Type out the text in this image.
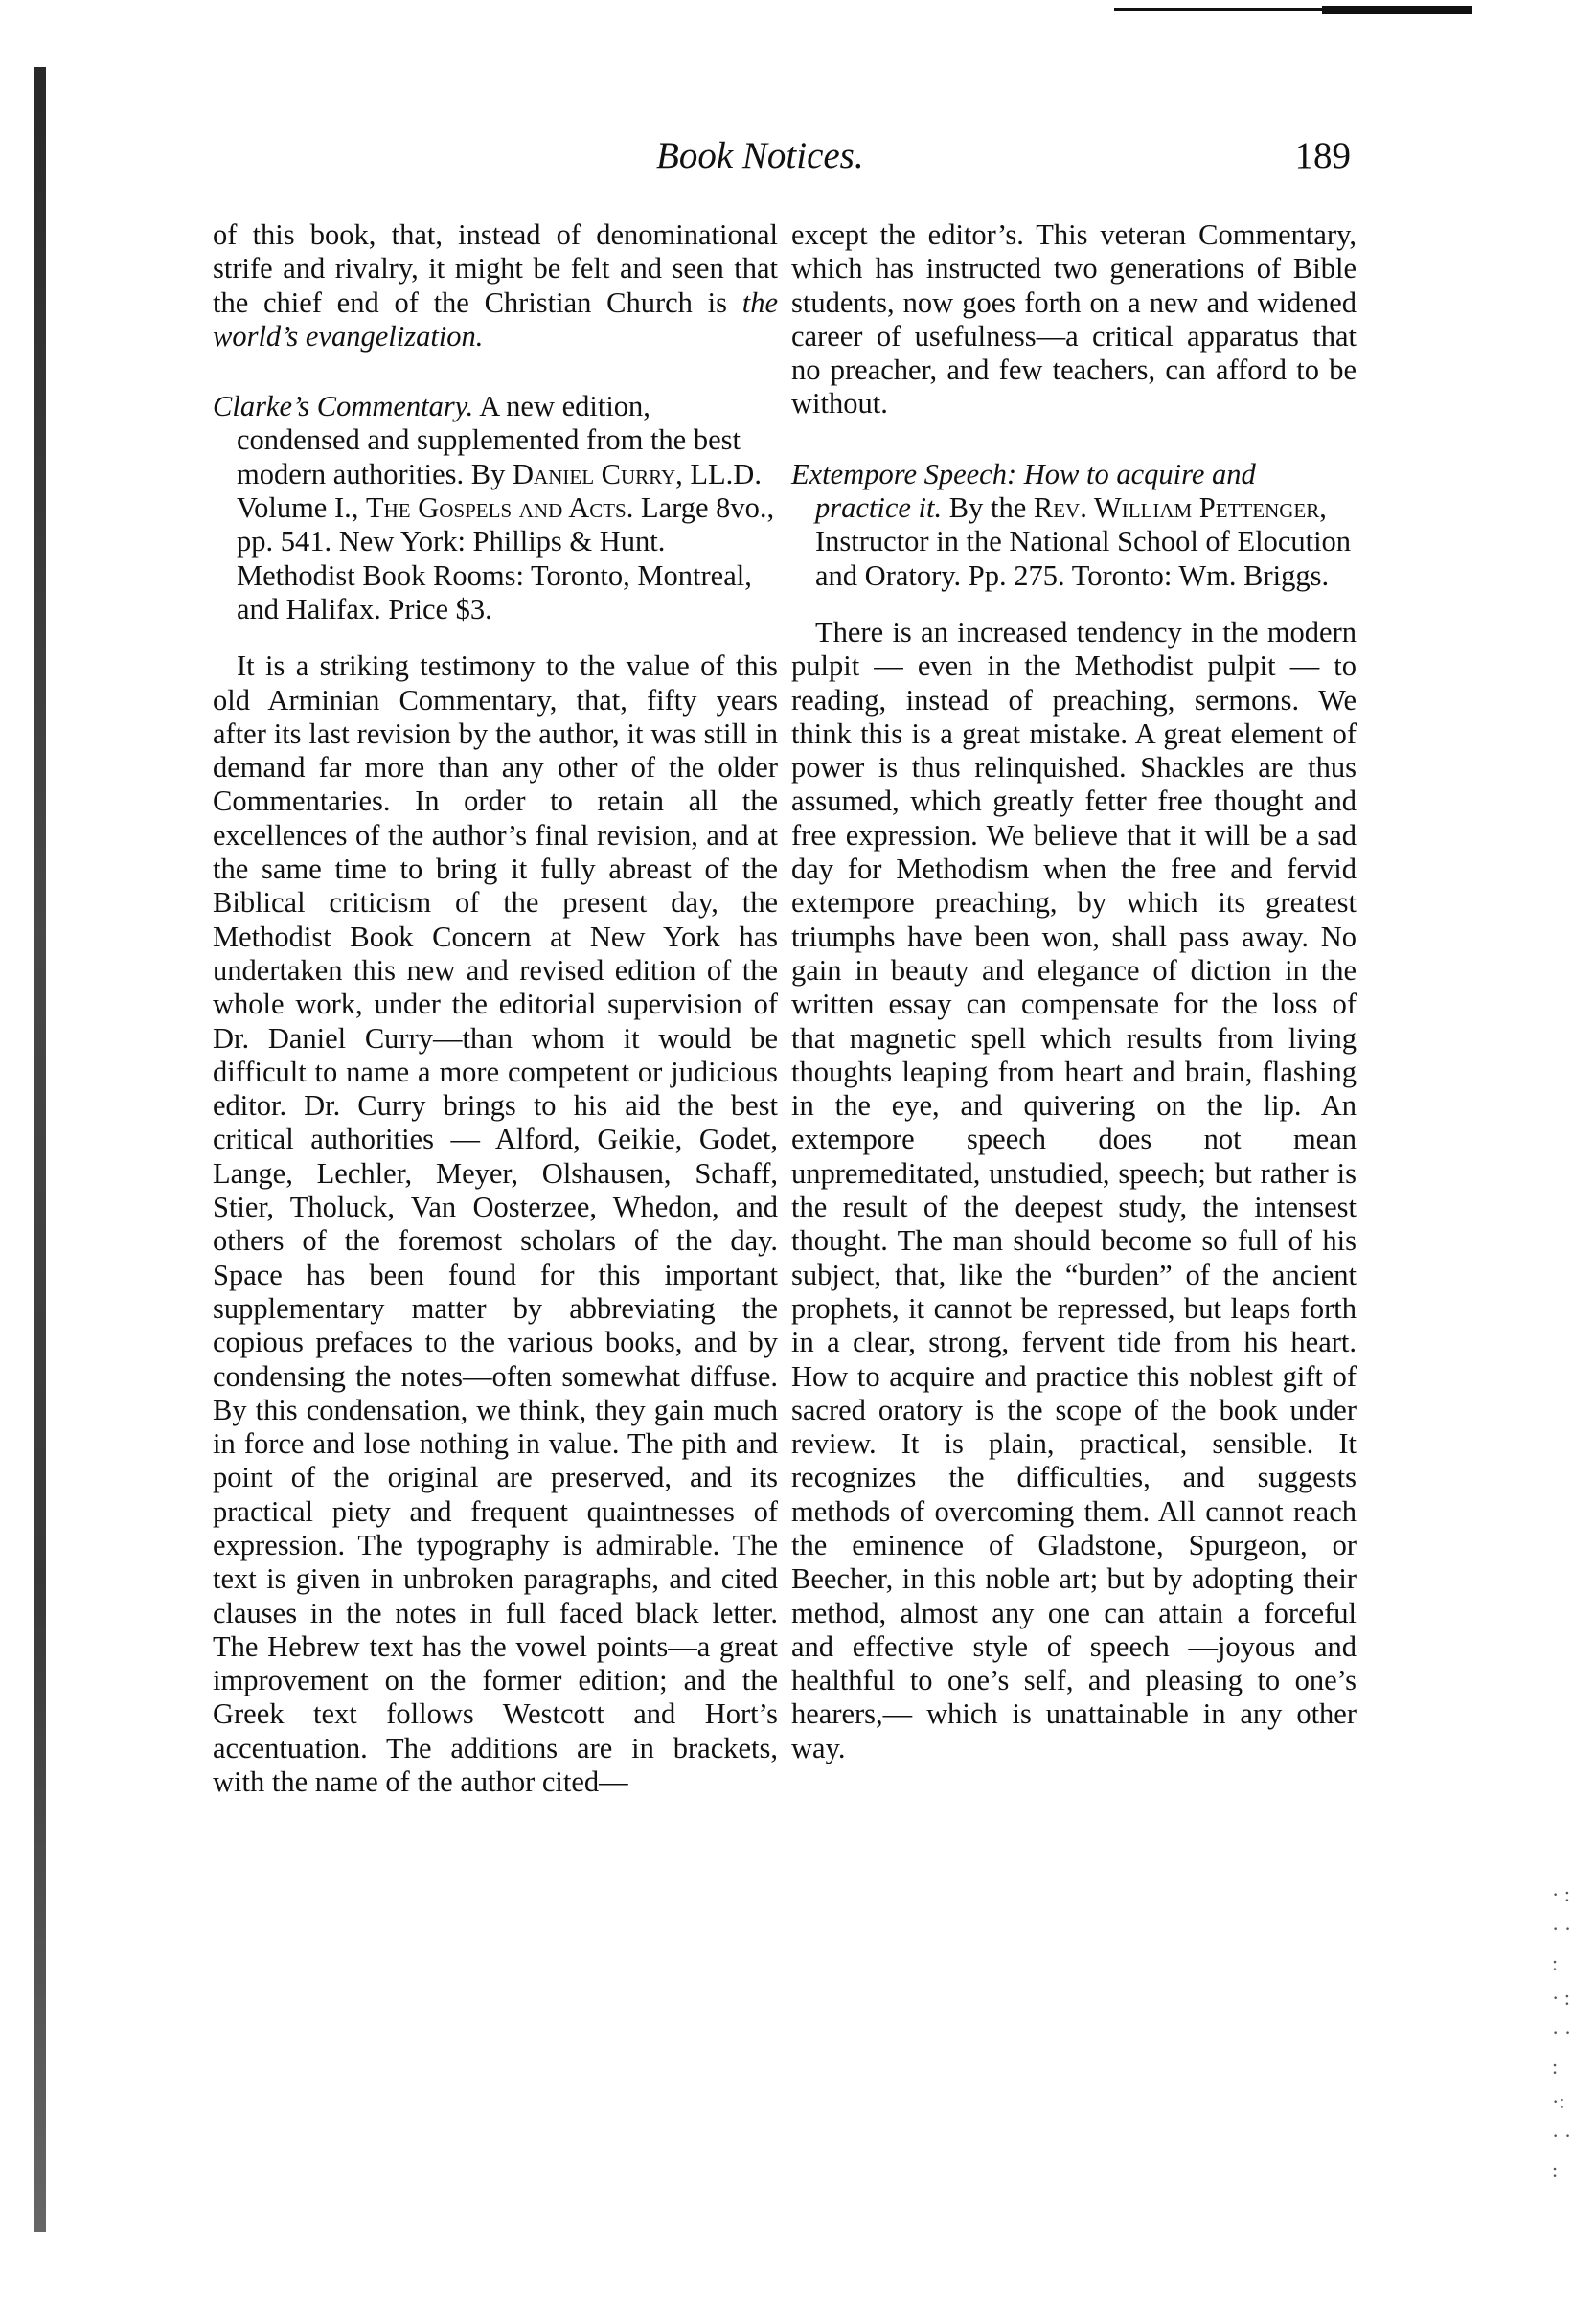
Book Notices.	189

of this book, that, instead of denominational strife and rivalry, it might be felt and seen that the chief end of the Christian Church is the world’s evangelization.

Clarke’s Commentary. A new edition, condensed and supplemented from the best modern authorities. By Daniel Curry, LL.D. Volume I., The Gospels and Acts. Large 8vo., pp. 541. New York: Phillips & Hunt. Methodist Book Rooms: Toronto, Montreal, and Halifax. Price $3.

It is a striking testimony to the value of this old Arminian Commentary, that, fifty years after its last revision by the author, it was still in demand far more than any other of the older Commentaries. In order to retain all the excellences of the author’s final revision, and at the same time to bring it fully abreast of the Biblical criticism of the present day, the Methodist Book Concern at New York has undertaken this new and revised edition of the whole work, under the editorial supervision of Dr. Daniel Curry—than whom it would be difficult to name a more competent or judicious editor. Dr. Curry brings to his aid the best critical authorities — Alford, Geikie, Godet, Lange, Lechler, Meyer, Olshausen, Schaff, Stier, Tholuck, Van Oosterzee, Whedon, and others of the foremost scholars of the day. Space has been found for this important supplementary matter by abbreviating the copious prefaces to the various books, and by condensing the notes—often somewhat diffuse. By this condensation, we think, they gain much in force and lose nothing in value. The pith and point of the original are preserved, and its practical piety and frequent quaintnesses of expression. The typography is admirable. The text is given in unbroken paragraphs, and cited clauses in the notes in full faced black letter. The Hebrew text has the vowel points—a great improvement on the former edition; and the Greek text follows Westcott and Hort’s accentuation. The additions are in brackets, with the name of the author cited—

except the editor’s. This veteran Commentary, which has instructed two generations of Bible students, now goes forth on a new and widened career of usefulness—a critical apparatus that no preacher, and few teachers, can afford to be without.

Extempore Speech: How to acquire and practice it. By the Rev. William Pettenger, Instructor in the National School of Elocution and Oratory. Pp. 275. Toronto: Wm. Briggs.

There is an increased tendency in the modern pulpit — even in the Methodist pulpit — to reading, instead of preaching, sermons. We think this is a great mistake. A great element of power is thus relinquished. Shackles are thus assumed, which greatly fetter free thought and free expression. We believe that it will be a sad day for Methodism when the free and fervid extempore preaching, by which its greatest triumphs have been won, shall pass away. No gain in beauty and elegance of diction in the written essay can compensate for the loss of that magnetic spell which results from living thoughts leaping from heart and brain, flashing in the eye, and quivering on the lip. An extempore speech does not mean unpremeditated, unstudied, speech; but rather is the result of the deepest study, the intensest thought. The man should become so full of his subject, that, like the “burden” of the ancient prophets, it cannot be repressed, but leaps forth in a clear, strong, fervent tide from his heart. How to acquire and practice this noblest gift of sacred oratory is the scope of the book under review. It is plain, practical, sensible. It recognizes the difficulties, and suggests methods of overcoming them. All cannot reach the eminence of Gladstone, Spurgeon, or Beecher, in this noble art; but by adopting their method, almost any one can attain a forceful and effective style of speech —joyous and healthful to one’s self, and pleasing to one’s hearers,— which is unattainable in any other way.

· :
· ·
:
· :
· ·
:
·:
· ·
:
